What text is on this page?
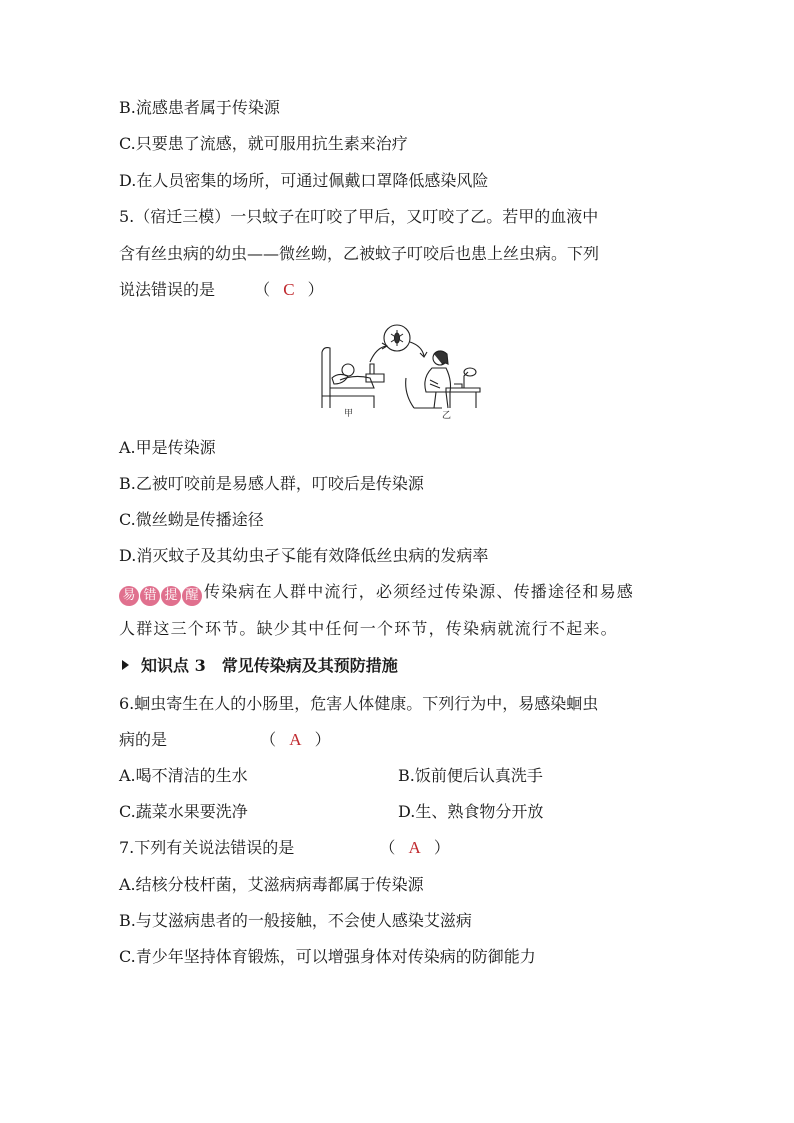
B.流感患者属于传染源
C.只要患了流感，就可服用抗生素来治疗
D.在人员密集的场所，可通过佩戴口罩降低感染风险
5.（宿迁三模）一只蚊子在叮咬了甲后，又叮咬了乙。若甲的血液中
含有丝虫病的幼虫——微丝蚴，乙被蚊子叮咬后也患上丝虫病。下列
说法错误的是 （ C ）
甲	乙
A.甲是传染源
B.乙被叮咬前是易感人群，叮咬后是传染源
C.微丝蚴是传播途径
D.消灭蚊子及其幼虫孑孓能有效降低丝虫病的发病率
易 错 提 醒 传染病在人群中流行，必须经过传染源、传播途径和易感
人群这三个环节。缺少其中任何一个环节，传染病就流行不起来。
知识点 3　常见传染病及其预防措施
6.蛔虫寄生在人的小肠里，危害人体健康。下列行为中，易感染蛔虫
病的是	（ A ）
A.喝不清洁的生水	B.饭前便后认真洗手
C.蔬菜水果要洗净	D.生、熟食物分开放
7.下列有关说法错误的是	（ A ）
A.结核分枝杆菌，艾滋病病毒都属于传染源
B.与艾滋病患者的一般接触，不会使人感染艾滋病
C.青少年坚持体育锻炼，可以增强身体对传染病的防御能力
